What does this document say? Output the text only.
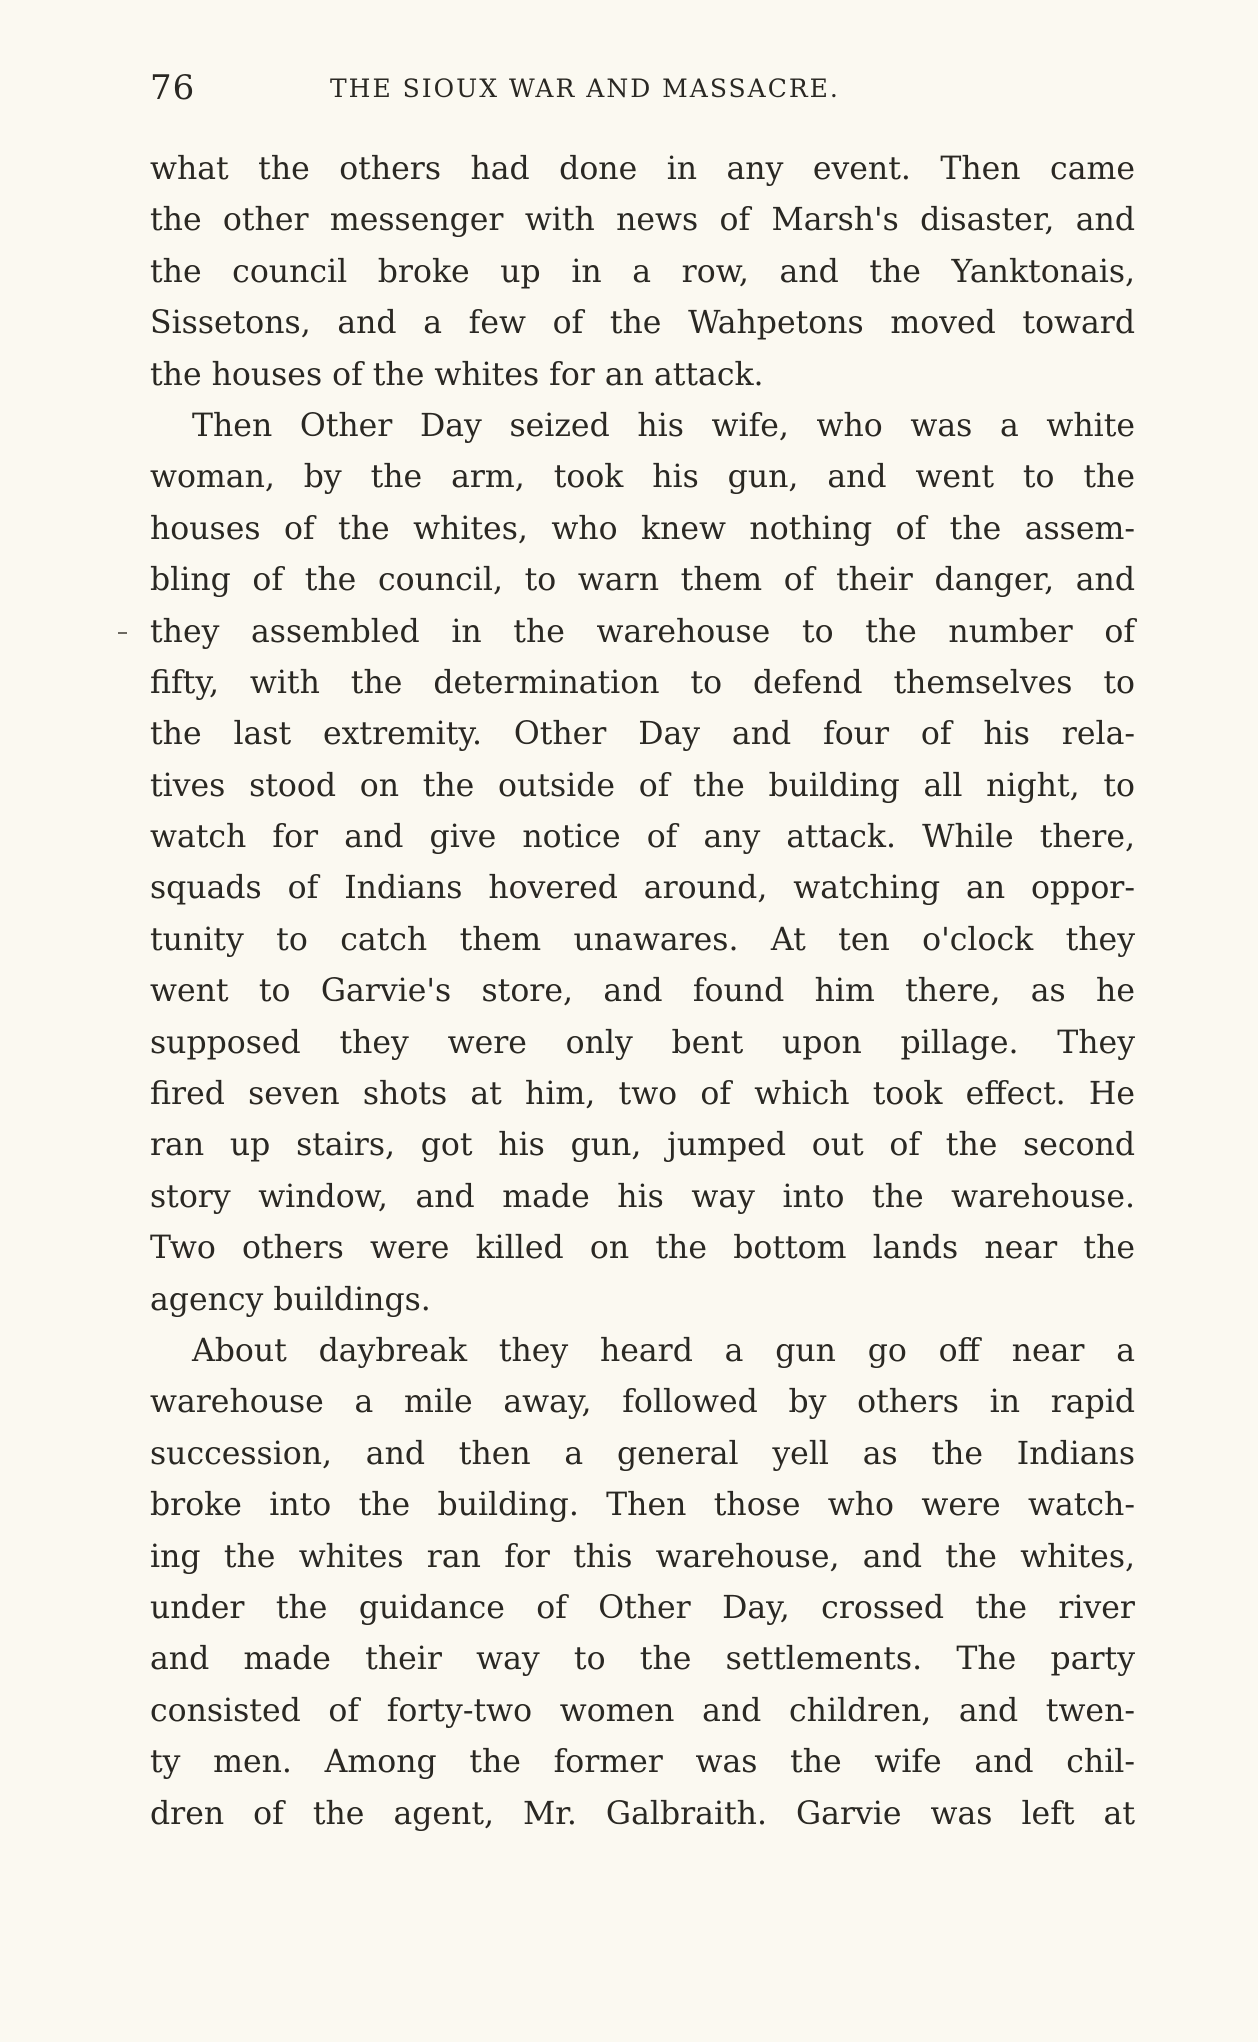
76	THE SIOUX WAR AND MASSACRE.
what the others had done in any event. Then came
the other messenger with news of Marsh's disaster, and
the council broke up in a row, and the Yanktonais,
Sissetons, and a few of the Wahpetons moved toward
the houses of the whites for an attack.
Then Other Day seized his wife, who was a white
woman, by the arm, took his gun, and went to the
houses of the whites, who knew nothing of the assem-
bling of the council, to warn them of their danger, and
they assembled in the warehouse to the number of
fifty, with the determination to defend themselves to
the last extremity. Other Day and four of his rela-
tives stood on the outside of the building all night, to
watch for and give notice of any attack. While there,
squads of Indians hovered around, watching an oppor-
tunity to catch them unawares. At ten o'clock they
went to Garvie's store, and found him there, as he
supposed they were only bent upon pillage. They
fired seven shots at him, two of which took effect. He
ran up stairs, got his gun, jumped out of the second
story window, and made his way into the warehouse.
Two others were killed on the bottom lands near the
agency buildings.
About daybreak they heard a gun go off near a
warehouse a mile away, followed by others in rapid
succession, and then a general yell as the Indians
broke into the building. Then those who were watch-
ing the whites ran for this warehouse, and the whites,
under the guidance of Other Day, crossed the river
and made their way to the settlements. The party
consisted of forty-two women and children, and twen-
ty men. Among the former was the wife and chil-
dren of the agent, Mr. Galbraith. Garvie was left at
